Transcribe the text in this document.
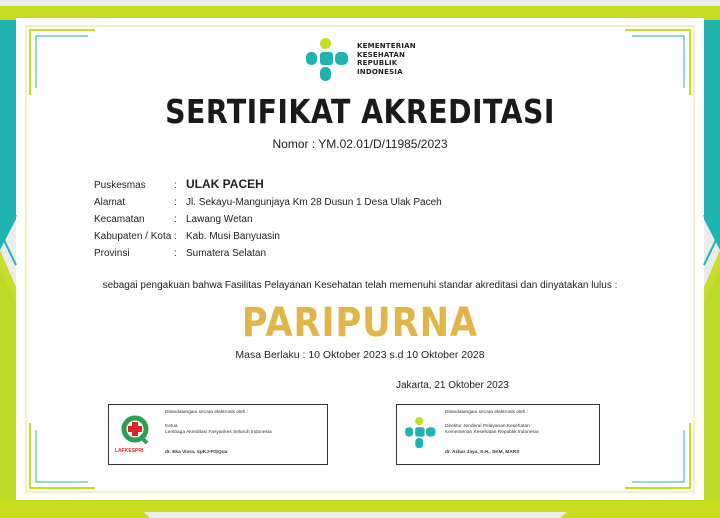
KEMENTERIAN
KESEHATAN
REPUBLIK
INDONESIA
SERTIFIKAT AKREDITASI
Nomor : YM.02.01/D/11985/2023
Puskesmas	: ULAK PACEH
Alamat	: Jl. Sekayu-Mangunjaya Km 28 Dusun 1 Desa Ulak Paceh
Kecamatan	: Lawang Wetan
Kabupaten / Kota : Kab. Musi Banyuasin
Provinsi	: Sumatera Selatan
sebagai pengakuan bahwa Fasilitas Pelayanan Kesehatan telah memenuhi standar akreditasi dan dinyatakan lulus :
PARIPURNA
Masa Berlaku : 10 Oktober 2023 s.d 10 Oktober 2028
Jakarta, 21 Oktober 2023
LAFKESPRI
Ditandatangani secara elektronik oleh :
Ketua
Lembaga Akreditasi Fasyankes Seluruh Indonesia
dr. Eka Viora, SpKJ-FISQua
Ditandatangani secara elektronik oleh :
Direktur Jenderal Pelayanan Kesehatan
Kementerian Kesehatan Republik Indonesia
dr. Azhar Jaya, S.H., SKM, MARS
